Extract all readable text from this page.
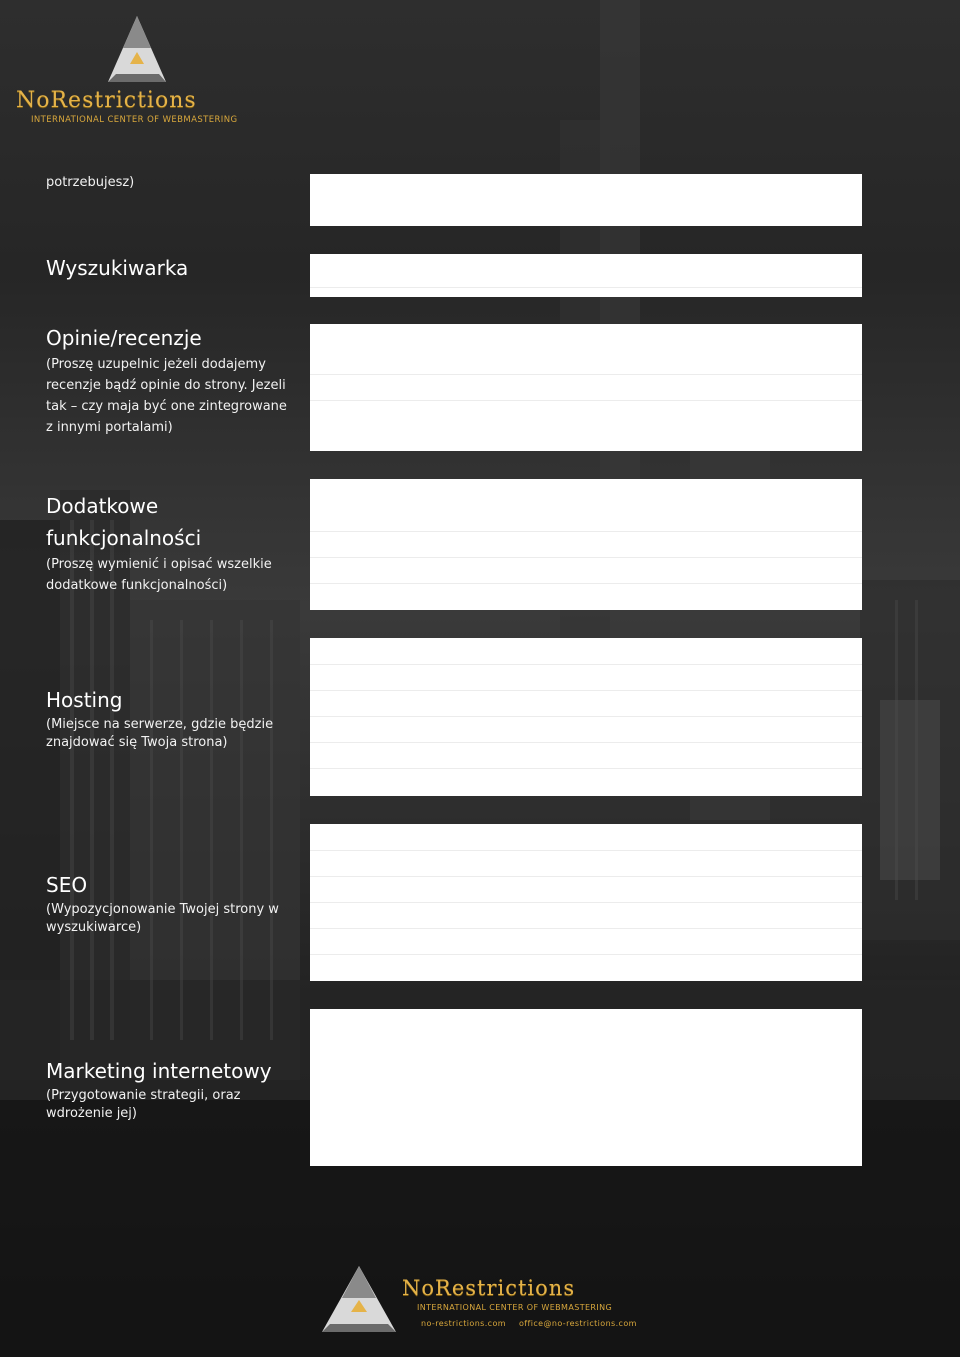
NoRestrictions
INTERNATIONAL CENTER OF WEBMASTERING
potrzebujesz)
Wyszukiwarka
Opinie/recenzje
(Proszę uzupelnic jeżeli dodajemy recenzje bądź opinie do strony. Jezeli tak – czy maja być one zintegrowane z innymi portalami)
Dodatkowe funkcjonalności
(Proszę wymienić i opisać wszelkie dodatkowe funkcjonalności)
Hosting
(Miejsce na serwerze, gdzie będzie znajdować się Twoja strona)
SEO
(Wypozycjonowanie Twojej strony w wyszukiwarce)
Marketing internetowy
(Przygotowanie strategii, oraz wdrożenie jej)
NoRestrictions
INTERNATIONAL CENTER OF WEBMASTERING
no-restrictions.com office@no-restrictions.com
